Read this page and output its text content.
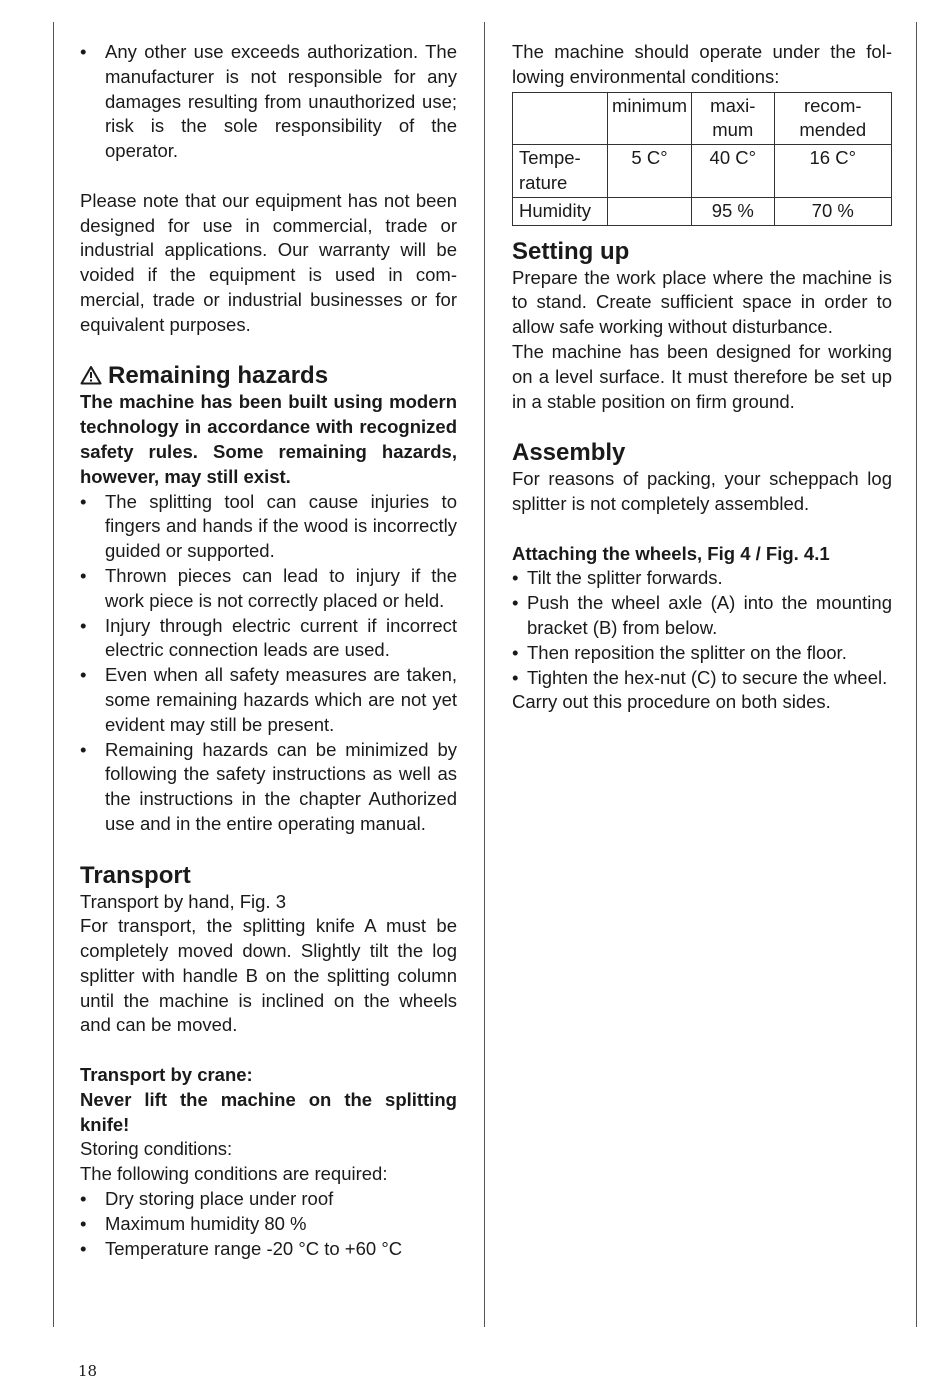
• Any other use exceeds authorization. The manufacturer is not responsible for any damages resulting from unauthorized use; risk is the sole responsibility of the operator.

Please note that our equipment has not been designed for use in commercial, trade or industrial applications. Our warranty will be voided if the equipment is used in commercial, trade or industrial businesses or for equivalent purposes.

Remaining hazards

The machine has been built using modern technology in accordance with recognized safety rules. Some remaining hazards, however, may still exist.

• The splitting tool can cause injuries to fingers and hands if the wood is incorrectly guided or supported.
• Thrown pieces can lead to injury if the work piece is not correctly placed or held.
• Injury through electric current if incorrect electric connection leads are used.
• Even when all safety measures are taken, some remaining hazards which are not yet evident may still be present.
• Remaining hazards can be minimized by following the safety instructions as well as the instructions in the chapter Authorized use and in the entire operating manual.
Transport

Transport by hand, Fig. 3

For transport, the splitting knife A must be completely moved down. Slightly tilt the log splitter with handle B on the splitting column until the machine is inclined on the wheels and can be moved.

Transport by crane:

Never lift the machine on the splitting knife!

Storing conditions:

The following conditions are required:

• Dry storing place under roof
• Maximum humidity 80 %
• Temperature range -20 °C to +60 °C

The machine should operate under the following environmental conditions:

	minimum	maximum	recommended
Temperature	5 C°	40 C°	16 C°
Humidity		95 %	70 %
Setting up

Prepare the work place where the machine is to stand. Create sufficient space in order to allow safe working without disturbance.

The machine has been designed for working on a level surface. It must therefore be set up in a stable position on firm ground.

Assembly

For reasons of packing, your scheppach log splitter is not completely assembled.

Attaching the wheels, Fig 4 / Fig. 4.1

• Tilt the splitter forwards.
• Push the wheel axle (A) into the mounting bracket (B) from below.
• Then reposition the splitter on the floor.
• Tighten the hex-nut (C) to secure the wheel.

Carry out this procedure on both sides.

18
